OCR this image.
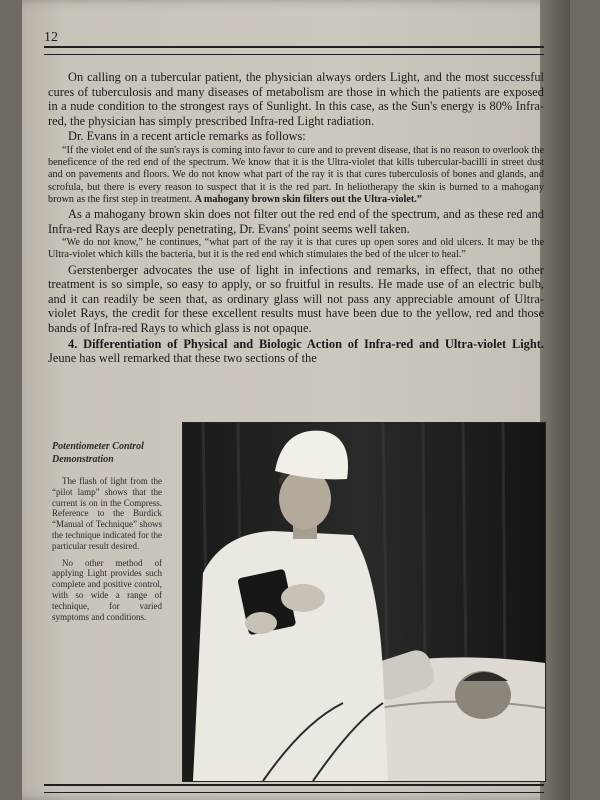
12

On calling on a tubercular patient, the physician always orders Light, and the most successful cures of tuberculosis and many diseases of metabolism are those in which the patients are exposed in a nude condition to the strongest rays of Sunlight. In this case, as the Sun's energy is 80% Infra-red, the physician has simply prescribed Infra-red Light radiation.

Dr. Evans in a recent article remarks as follows:

“If the violet end of the sun's rays is coming into favor to cure and to prevent disease, that is no reason to overlook the beneficence of the red end of the spectrum. We know that it is the Ultra-violet that kills tubercular-bacilli in street dust and on pavements and floors. We do not know what part of the ray it is that cures tuberculosis of bones and glands, and scrofula, but there is every reason to suspect that it is the red part. In heliotherapy the skin is burned to a mahogany brown as the first step in treatment. A mahogany brown skin filters out the Ultra-violet.”

As a mahogany brown skin does not filter out the red end of the spectrum, and as these red and Infra-red Rays are deeply penetrating, Dr. Evans' point seems well taken.

“We do not know,” he continues, “what part of the ray it is that cures up open sores and old ulcers. It may be the Ultra-violet which kills the bacteria, but it is the red end which stimulates the bed of the ulcer to heal.”

Gerstenberger advocates the use of light in infections and remarks, in effect, that no other treatment is so simple, so easy to apply, or so fruitful in results. He made use of an electric bulb, and it can readily be seen that, as ordinary glass will not pass any appreciable amount of Ultra-violet Rays, the credit for these excellent results must have been due to the yellow, red and those bands of Infra-red Rays to which glass is not opaque.

4. Differentiation of Physical and Biologic Action of Infra-red and Ultra-violet Light. Jeune has well remarked that these two sections of the

Potentiometer Control Demonstration

The flash of light from the “pilot lamp” shows that the current is on in the Compress. Reference to the Burdick “Manual of Technique” shows the technique indicated for the particular result desired.

No other method of applying Light provides such complete and positive control, with so wide a range of technique, for varied symptoms and conditions.
